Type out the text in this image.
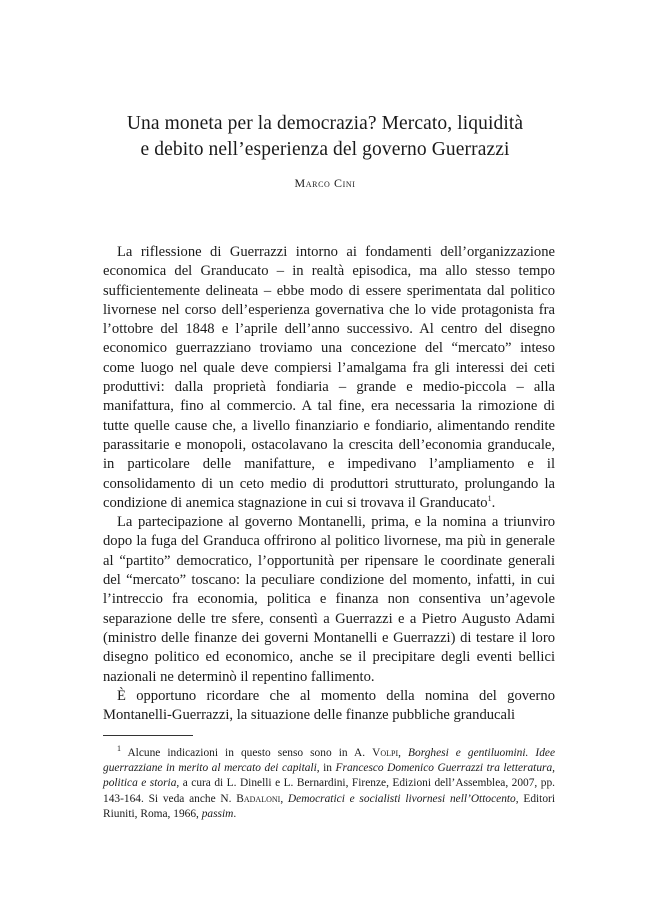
Una moneta per la democrazia? Mercato, liquidità
e debito nell’esperienza del governo Guerrazzi
Marco Cini

La riflessione di Guerrazzi intorno ai fondamenti dell’organizzazione economica del Granducato – in realtà episodica, ma allo stesso tempo sufficientemente delineata – ebbe modo di essere sperimentata dal politico livornese nel corso dell’esperienza governativa che lo vide protagonista fra l’ottobre del 1848 e l’aprile dell’anno successivo. Al centro del disegno economico guerrazziano troviamo una concezione del “mercato” inteso come luogo nel quale deve compiersi l’amalgama fra gli interessi dei ceti produttivi: dalla proprietà fondiaria – grande e medio-piccola – alla manifattura, fino al commercio. A tal fine, era necessaria la rimozione di tutte quelle cause che, a livello finanziario e fondiario, alimentando rendite parassitarie e monopoli, ostacolavano la crescita dell’economia granducale, in particolare delle manifatture, e impedivano l’ampliamento e il consolidamento di un ceto medio di produttori strutturato, prolungando la condizione di anemica stagnazione in cui si trovava il Granducato$^1$.

La partecipazione al governo Montanelli, prima, e la nomina a triunviro dopo la fuga del Granduca offrirono al politico livornese, ma più in generale al “partito” democratico, l’opportunità per ripensare le coordinate generali del “mercato” toscano: la peculiare condizione del momento, infatti, in cui l’intreccio fra economia, politica e finanza non consentiva un’agevole separazione delle tre sfere, consentì a Guerrazzi e a Pietro Augusto Adami (ministro delle finanze dei governi Montanelli e Guerrazzi) di testare il loro disegno politico ed economico, anche se il precipitare degli eventi bellici nazionali ne determinò il repentino fallimento.

È opportuno ricordare che al momento della nomina del governo Montanelli-Guerrazzi, la situazione delle finanze pubbliche granducali

$^1$ Alcune indicazioni in questo senso sono in A. Volpi, Borghesi e gentiluomini. Idee guerrazziane in merito al mercato dei capitali, in Francesco Domenico Guerrazzi tra letteratura, politica e storia, a cura di L. Dinelli e L. Bernardini, Firenze, Edizioni dell’Assemblea, 2007, pp. 143-164. Si veda anche N. Badaloni, Democratici e socialisti livornesi nell’Ottocento, Editori Riuniti, Roma, 1966, passim.
